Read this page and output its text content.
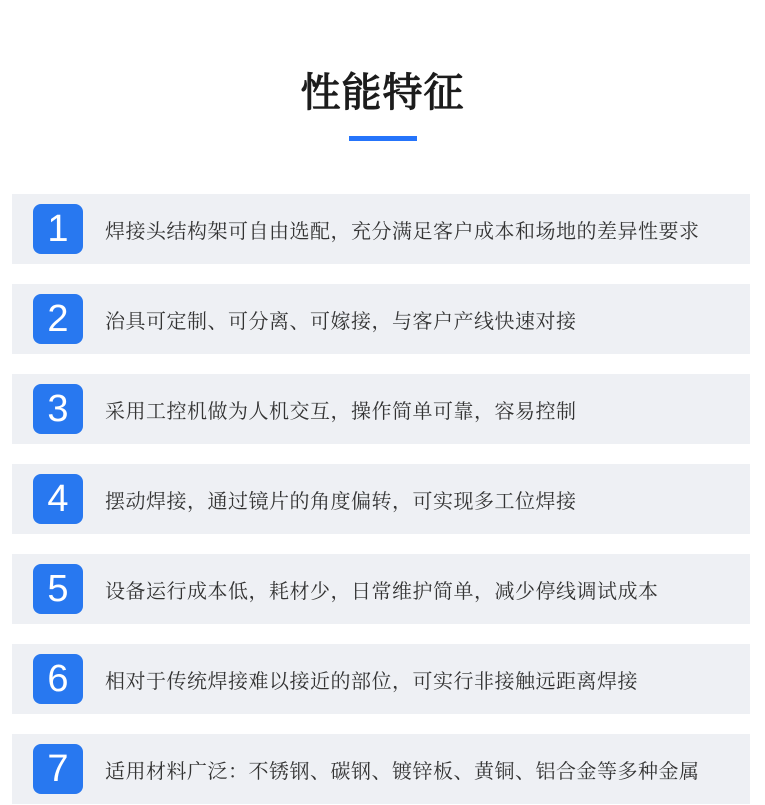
性能特征
1	焊接头结构架可自由选配，充分满足客户成本和场地的差异性要求
2	治具可定制、可分离、可嫁接，与客户产线快速对接
3	采用工控机做为人机交互，操作简单可靠，容易控制
4	摆动焊接，通过镜片的角度偏转，可实现多工位焊接
5	设备运行成本低，耗材少，日常维护简单，减少停线调试成本
6	相对于传统焊接难以接近的部位，可实行非接触远距离焊接
7	适用材料广泛：不锈钢、碳钢、镀锌板、黄铜、铝合金等多种金属
